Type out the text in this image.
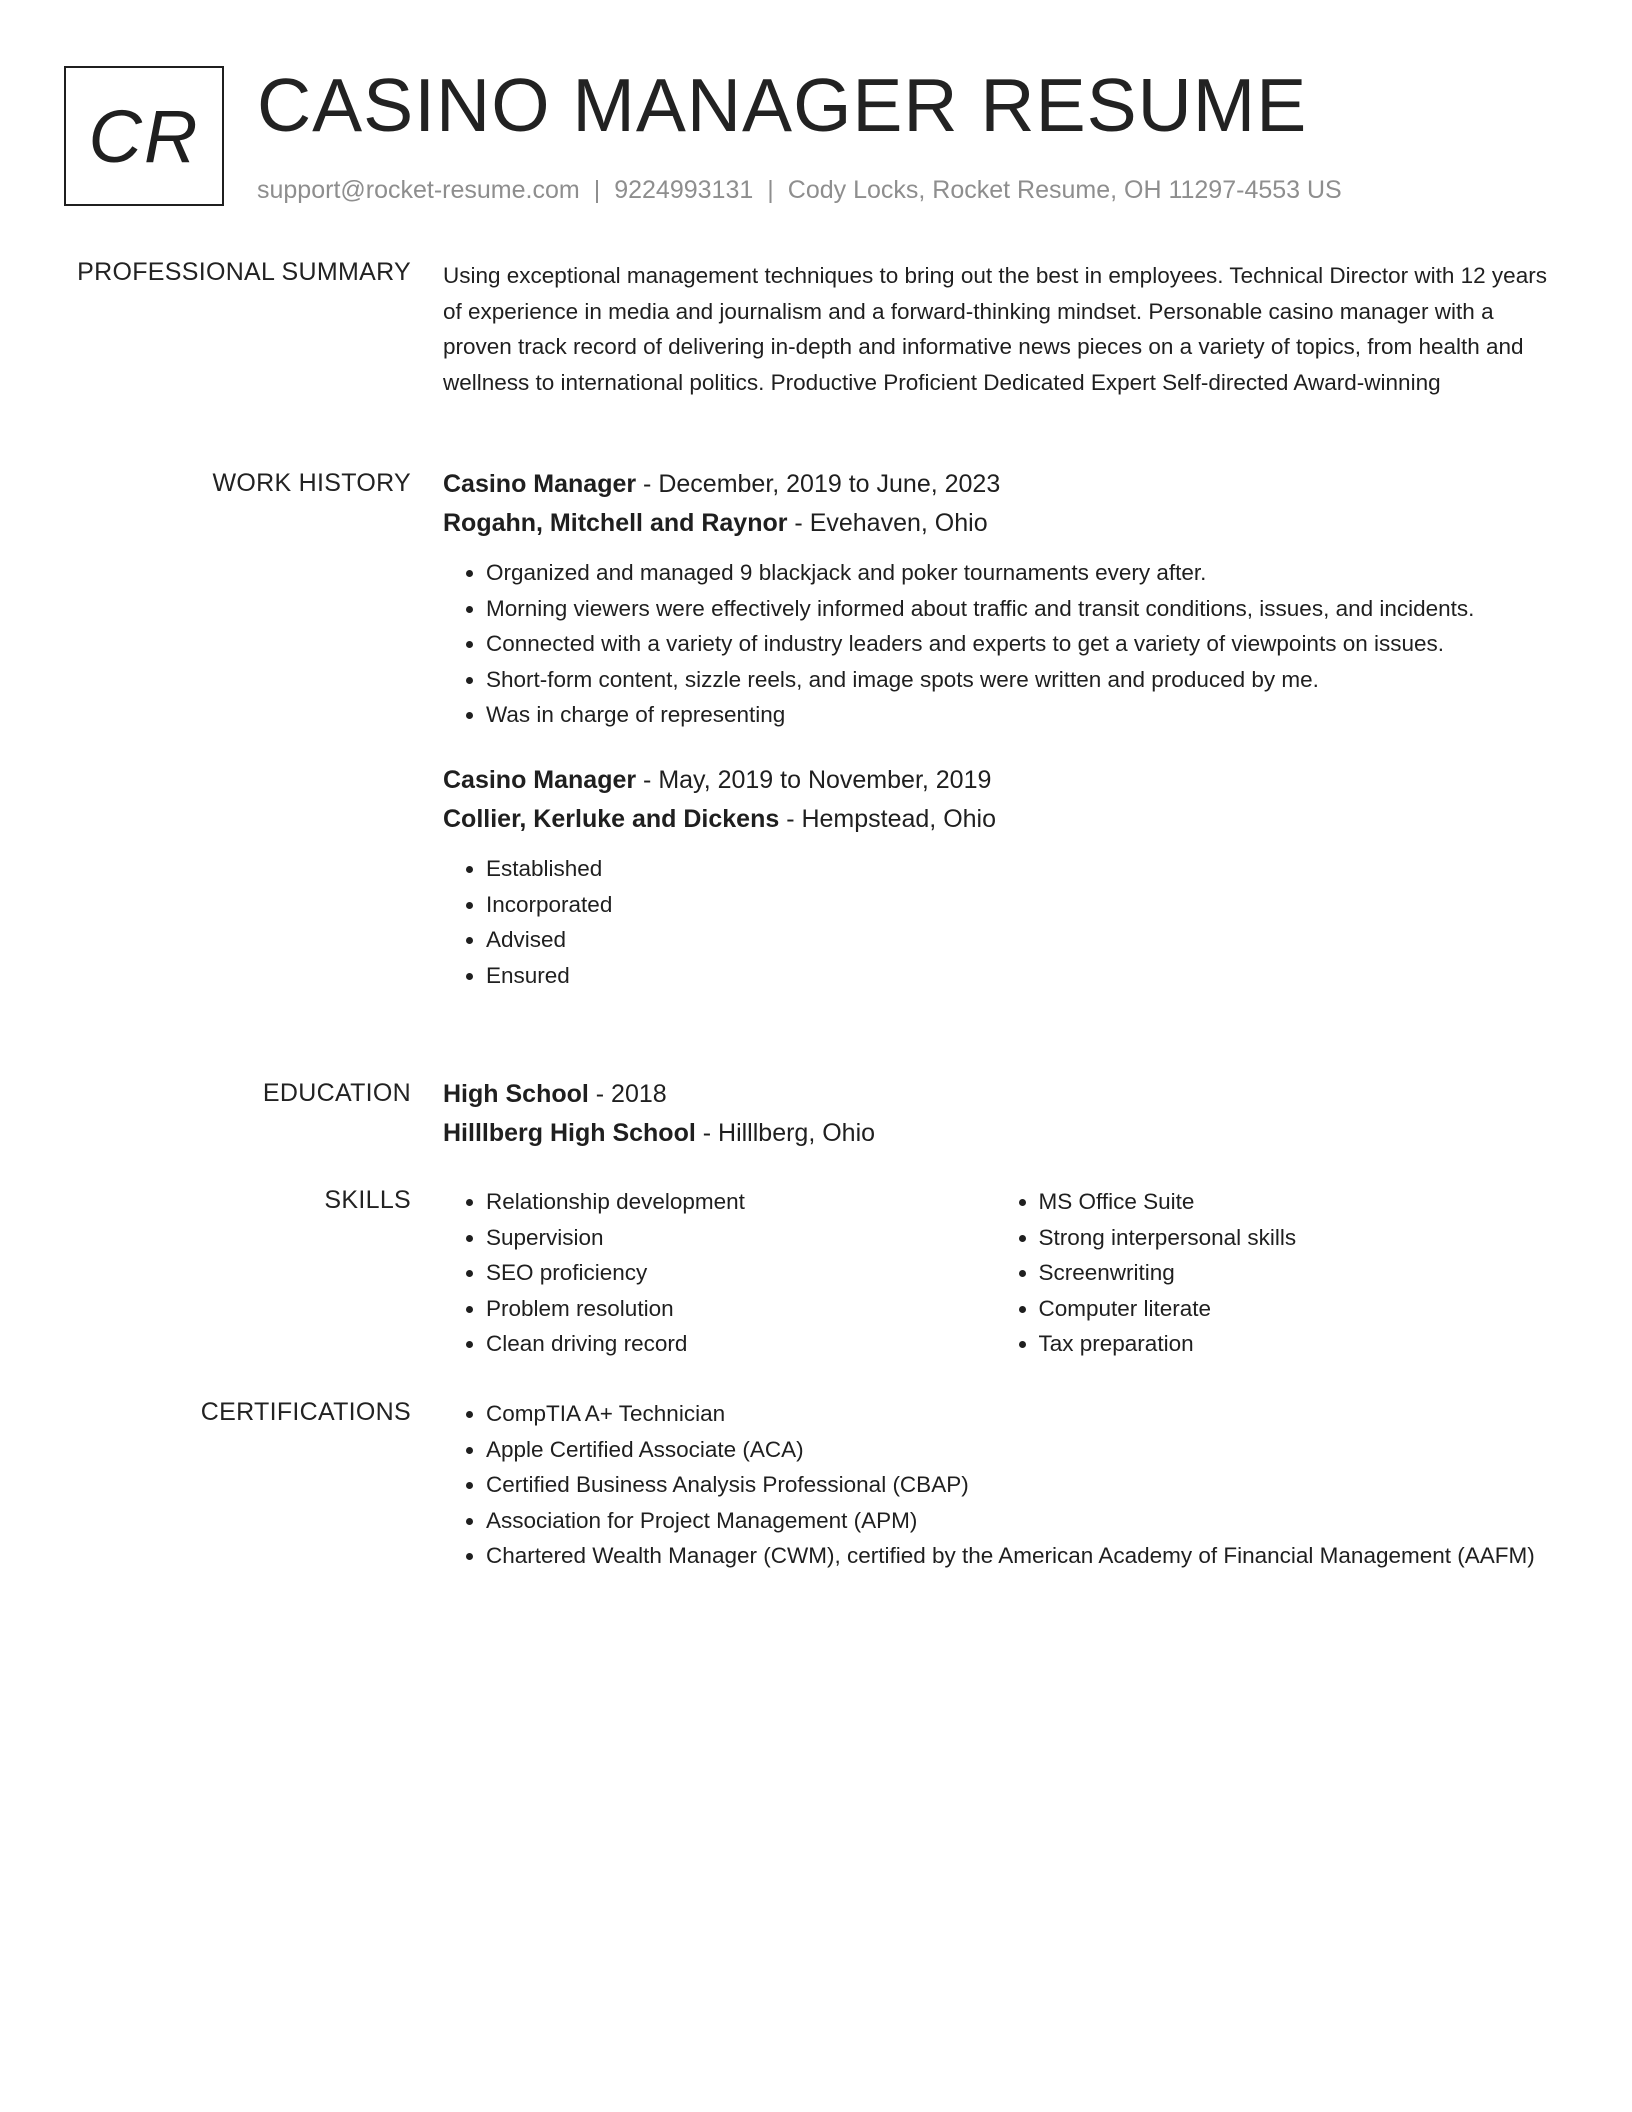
CR CASINO MANAGER RESUME
support@rocket-resume.com | 9224993131 | Cody Locks, Rocket Resume, OH 11297-4553 US
PROFESSIONAL SUMMARY Using exceptional management techniques to bring out the best in employees. Technical Director with 12 years of experience in media and journalism and a forward-thinking mindset. Personable casino manager with a proven track record of delivering in-depth and informative news pieces on a variety of topics, from health and wellness to international politics. Productive Proficient Dedicated Expert Self-directed Award-winning

WORK HISTORY Casino Manager - December, 2019 to June, 2023
Rogahn, Mitchell and Raynor - Evehaven, Ohio
• Organized and managed 9 blackjack and poker tournaments every after.
• Morning viewers were effectively informed about traffic and transit conditions, issues, and incidents.
• Connected with a variety of industry leaders and experts to get a variety of viewpoints on issues.
• Short-form content, sizzle reels, and image spots were written and produced by me.
• Was in charge of representing
Casino Manager - May, 2019 to November, 2019
Collier, Kerluke and Dickens - Hempstead, Ohio
• Established
• Incorporated
• Advised
• Ensured
EDUCATION High School - 2018
Hilllberg High School - Hilllberg, Ohio
SKILLS	• Relationship development
• Supervision
• SEO proficiency
• Problem resolution
• Clean driving record
• MS Office Suite
• Strong interpersonal skills
• Screenwriting
• Computer literate
• Tax preparation
CERTIFICATIONS	• CompTIA A+ Technician
• Apple Certified Associate (ACA)
• Certified Business Analysis Professional (CBAP)
• Association for Project Management (APM)
• Chartered Wealth Manager (CWM), certified by the American Academy of Financial Management (AAFM)
